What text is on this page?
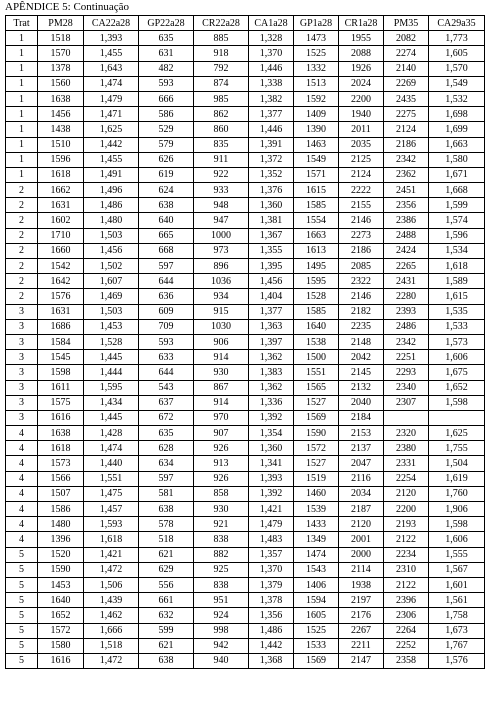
APÊNDICE 5: Continuação
Trat	PM28	CA22a28	GP22a28	CR22a28	CA1a28	GP1a28	CR1a28	PM35	CA29a35
1	1518	1,393	635	885	1,328	1473	1955	2082	1,773
1	1570	1,455	631	918	1,370	1525	2088	2274	1,605
1	1378	1,643	482	792	1,446	1332	1926	2140	1,570
1	1560	1,474	593	874	1,338	1513	2024	2269	1,549
1	1638	1,479	666	985	1,382	1592	2200	2435	1,532
1	1456	1,471	586	862	1,377	1409	1940	2275	1,698
1	1438	1,625	529	860	1,446	1390	2011	2124	1,699
1	1510	1,442	579	835	1,391	1463	2035	2186	1,663
1	1596	1,455	626	911	1,372	1549	2125	2342	1,580
1	1618	1,491	619	922	1,352	1571	2124	2362	1,671
2	1662	1,496	624	933	1,376	1615	2222	2451	1,668
2	1631	1,486	638	948	1,360	1585	2155	2356	1,599
2	1602	1,480	640	947	1,381	1554	2146	2386	1,574
2	1710	1,503	665	1000	1,367	1663	2273	2488	1,596
2	1660	1,456	668	973	1,355	1613	2186	2424	1,534
2	1542	1,502	597	896	1,395	1495	2085	2265	1,618
2	1642	1,607	644	1036	1,456	1595	2322	2431	1,589
2	1576	1,469	636	934	1,404	1528	2146	2280	1,615
3	1631	1,503	609	915	1,377	1585	2182	2393	1,535
3	1686	1,453	709	1030	1,363	1640	2235	2486	1,533
3	1584	1,528	593	906	1,397	1538	2148	2342	1,573
3	1545	1,445	633	914	1,362	1500	2042	2251	1,606
3	1598	1,444	644	930	1,383	1551	2145	2293	1,675
3	1611	1,595	543	867	1,362	1565	2132	2340	1,652
3	1575	1,434	637	914	1,336	1527	2040	2307	1,598
3	1616	1,445	672	970	1,392	1569	2184		
4	1638	1,428	635	907	1,354	1590	2153	2320	1,625
4	1618	1,474	628	926	1,360	1572	2137	2380	1,755
4	1573	1,440	634	913	1,341	1527	2047	2331	1,504
4	1566	1,551	597	926	1,393	1519	2116	2254	1,619
4	1507	1,475	581	858	1,392	1460	2034	2120	1,760
4	1586	1,457	638	930	1,421	1539	2187	2200	1,906
4	1480	1,593	578	921	1,479	1433	2120	2193	1,598
4	1396	1,618	518	838	1,483	1349	2001	2122	1,606
5	1520	1,421	621	882	1,357	1474	2000	2234	1,555
5	1590	1,472	629	925	1,370	1543	2114	2310	1,567
5	1453	1,506	556	838	1,379	1406	1938	2122	1,601
5	1640	1,439	661	951	1,378	1594	2197	2396	1,561
5	1652	1,462	632	924	1,356	1605	2176	2306	1,758
5	1572	1,666	599	998	1,486	1525	2267	2264	1,673
5	1580	1,518	621	942	1,442	1533	2211	2252	1,767
5	1616	1,472	638	940	1,368	1569	2147	2358	1,576
